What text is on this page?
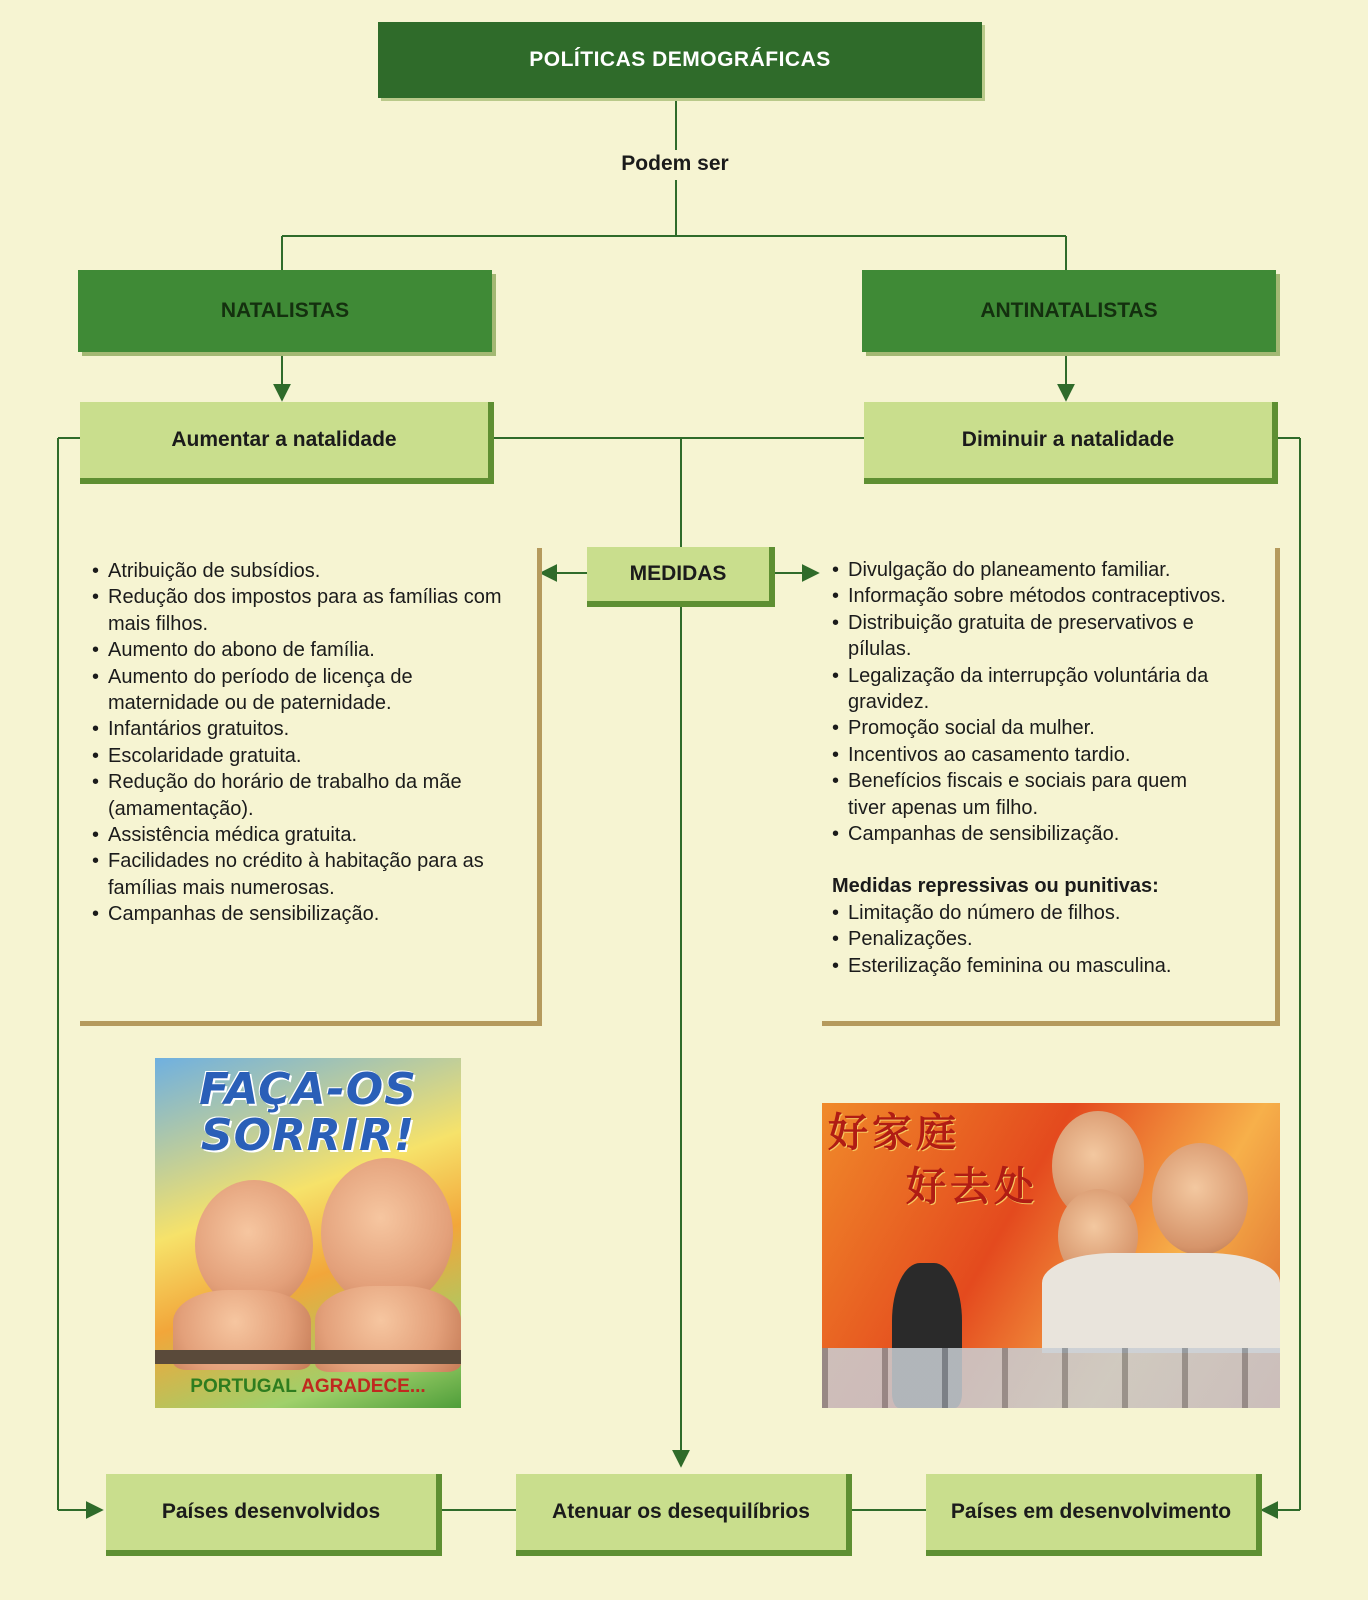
POLÍTICAS DEMOGRÁFICAS
Podem ser
NATALISTAS	ANTINATALISTAS
Aumentar a natalidade	Diminuir a natalidade
MEDIDAS
• Atribuição de subsídios.
• Redução dos impostos para as famílias com mais filhos.
• Aumento do abono de família.
• Aumento do período de licença de maternidade ou de paternidade.
• Infantários gratuitos.
• Escolaridade gratuita.
• Redução do horário de trabalho da mãe (amamentação).
• Assistência médica gratuita.
• Facilidades no crédito à habitação para as famílias mais numerosas.
• Campanhas de sensibilização.
• Divulgação do planeamento familiar.
• Informação sobre métodos contraceptivos.
• Distribuição gratuita de preservativos e pílulas.
• Legalização da interrupção voluntária da gravidez.
• Promoção social da mulher.
• Incentivos ao casamento tardio.
• Benefícios fiscais e sociais para quem tiver apenas um filho.
• Campanhas de sensibilização.
Medidas repressivas ou punitivas:
• Limitação do número de filhos.
• Penalizações.
• Esterilização feminina ou masculina.
FAÇA-OS
SORRIR!
PORTUGAL AGRADECE...
好家庭
好去处
Países desenvolvidos	Atenuar os desequilíbrios	Países em desenvolvimento
